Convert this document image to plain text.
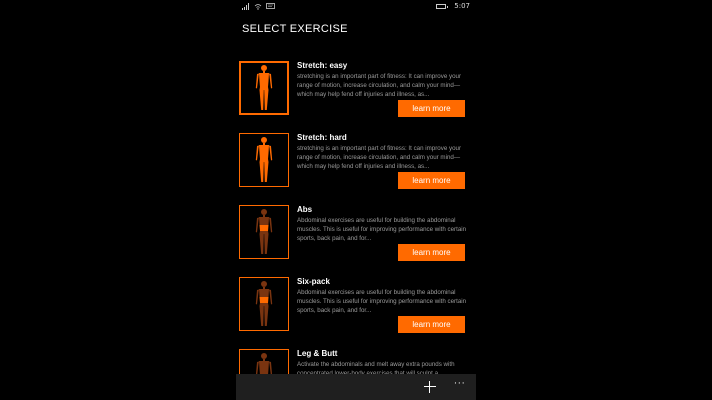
5:07
SELECT EXERCISE
Stretch: easy
stretching is an important part of fitness: It can improve your range of motion, increase circulation, and calm your mind—which may help fend off injuries and illness, as...
learn more
Stretch: hard
stretching is an important part of fitness: It can improve your range of motion, increase circulation, and calm your mind—which may help fend off injuries and illness, as...
learn more
Abs
Abdominal exercises are useful for building the abdominal muscles. This is useful for improving performance with certain sports, back pain, and for...
learn more
Six-pack
Abdominal exercises are useful for building the abdominal muscles. This is useful for improving performance with certain sports, back pain, and for...
learn more
Leg & Butt
Activate the abdominals and melt away extra pounds with
···
